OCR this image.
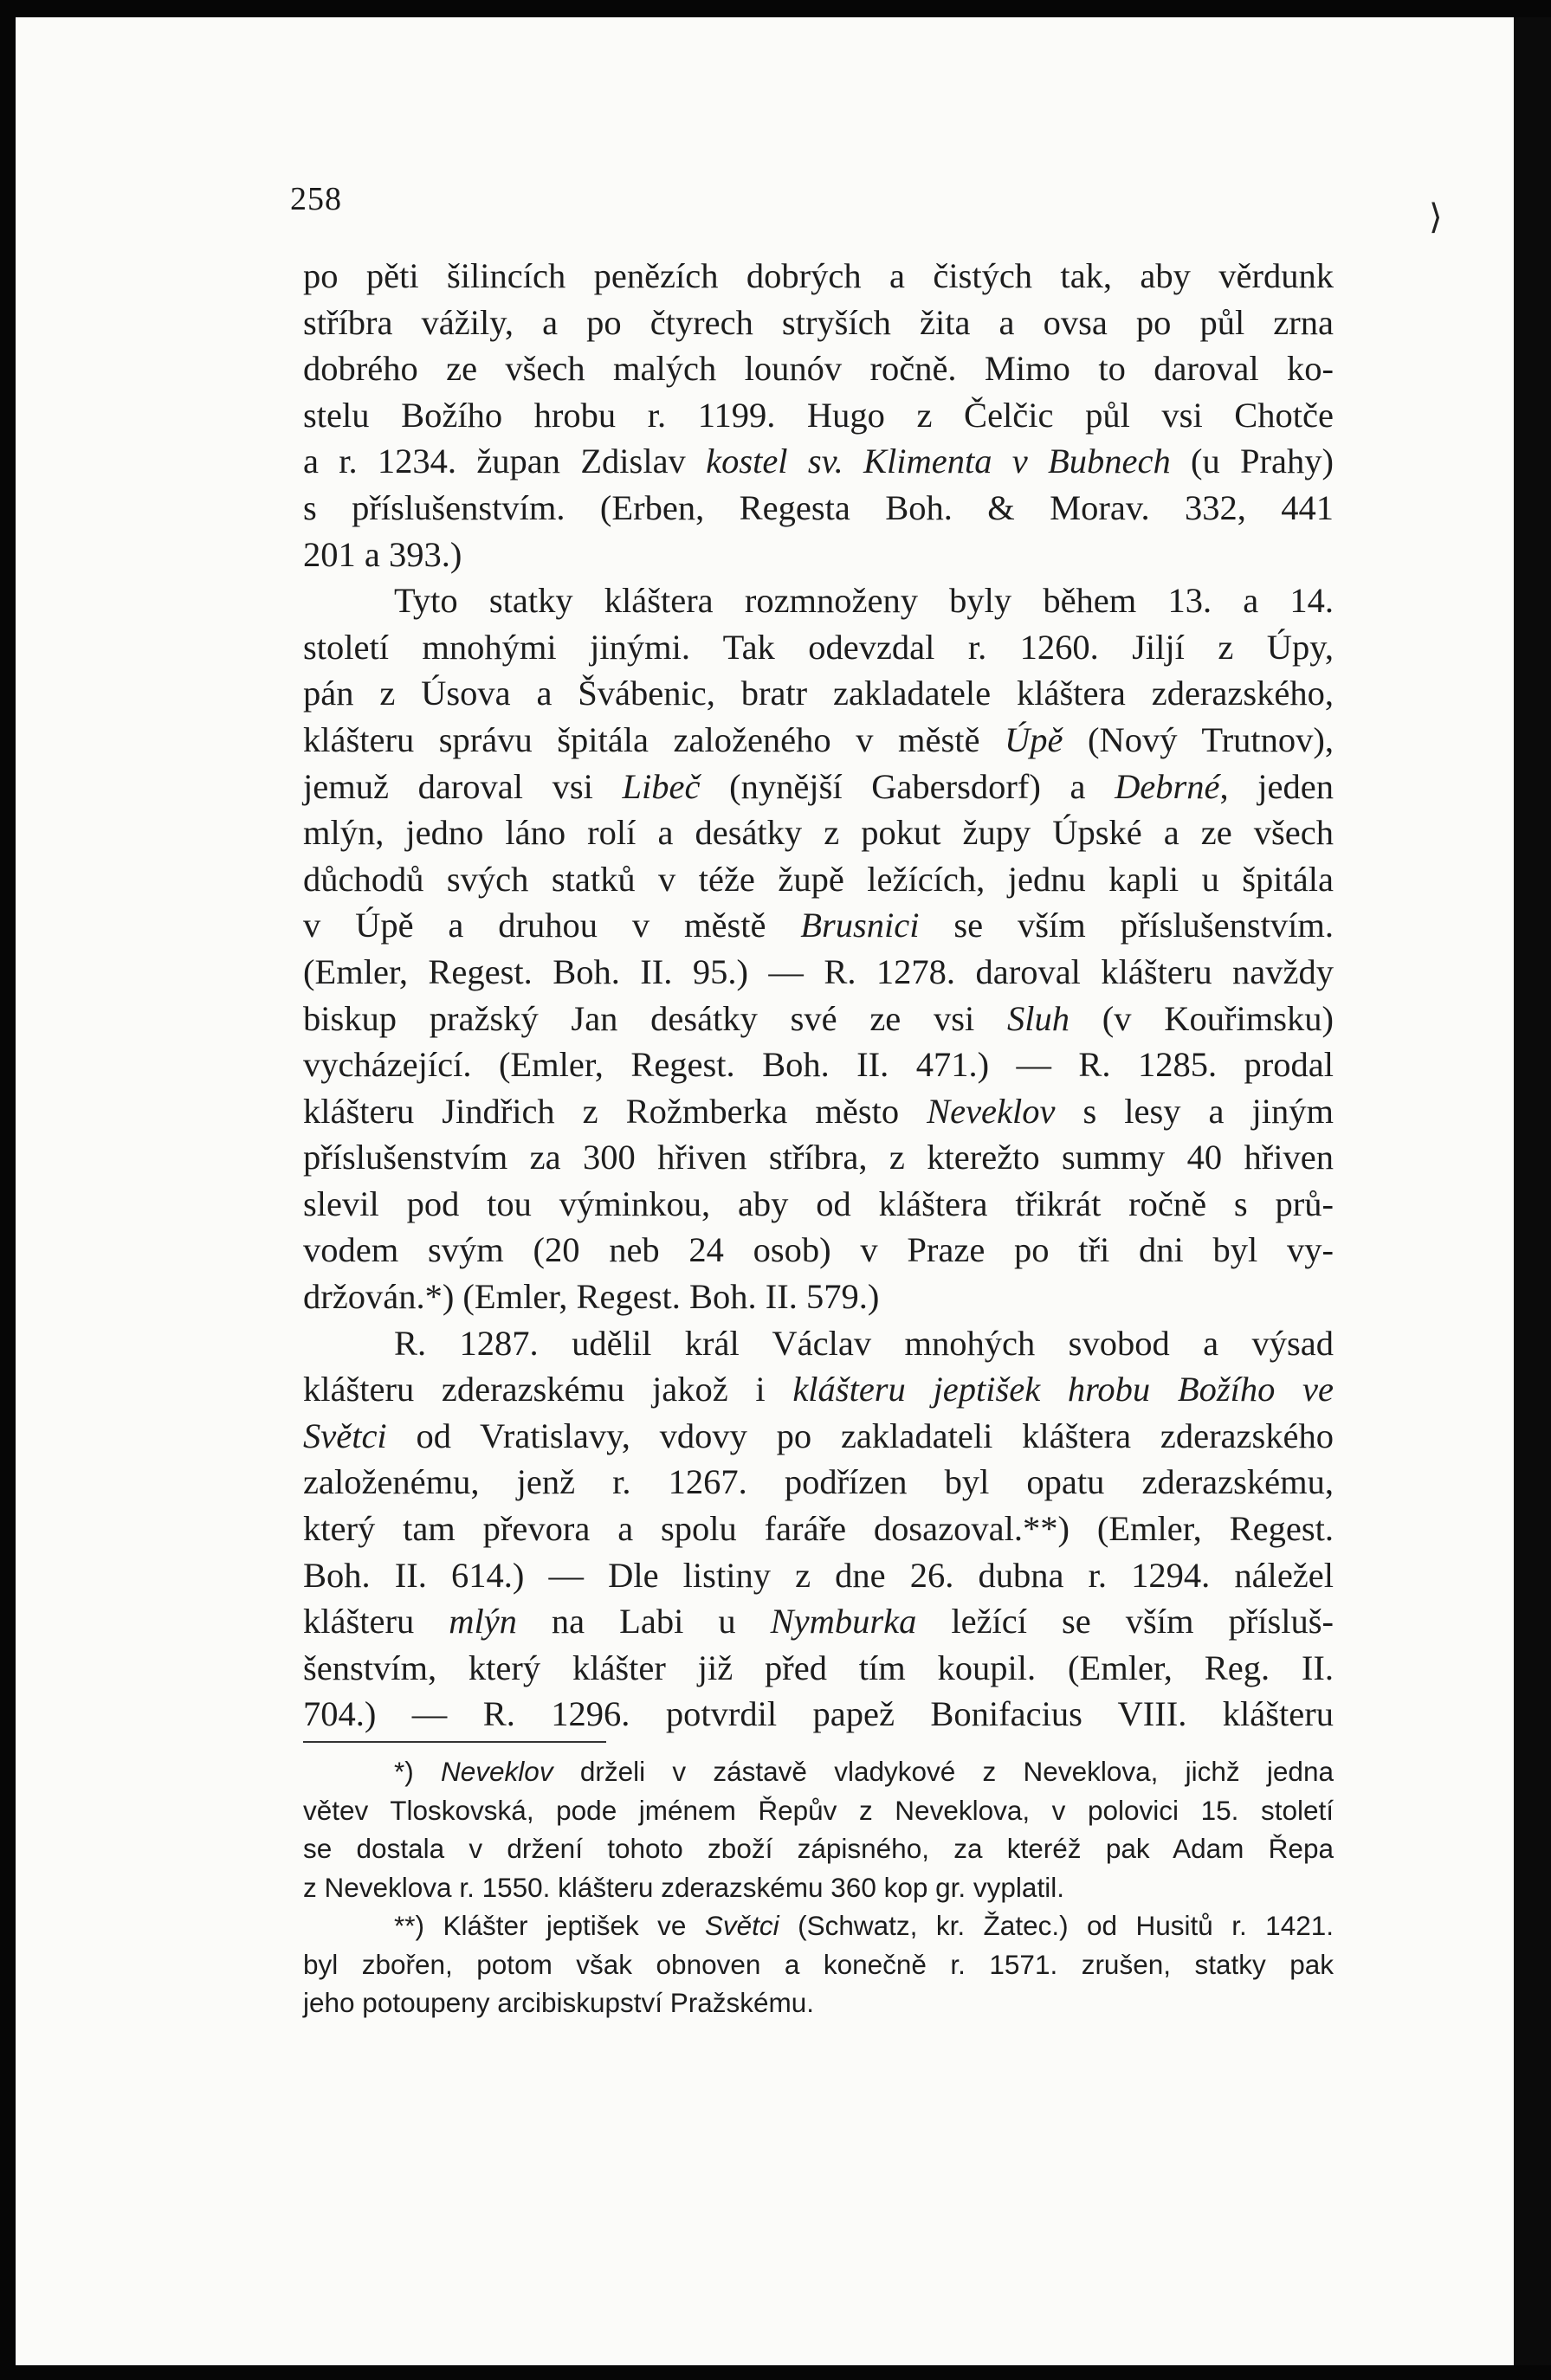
258
po pěti šilincích penězích dobrých a čistých tak, aby věrdunk
stříbra vážily, a po čtyrech stryších žita a ovsa po půl zrna
dobrého ze všech malých lounóv ročně. Mimo to daroval ko-
stelu Božího hrobu r. 1199. Hugo z Čelčic půl vsi Chotče
a r. 1234. župan Zdislav kostel sv. Klimenta v Bubnech (u Prahy)
s příslušenstvím. (Erben, Regesta Boh. & Morav. 332, 441
201 a 393.)
Tyto statky kláštera rozmnoženy byly během 13. a 14.
století mnohými jinými. Tak odevzdal r. 1260. Jiljí z Úpy,
pán z Úsova a Švábenic, bratr zakladatele kláštera zderazského,
klášteru správu špitála založeného v městě Úpě (Nový Trutnov),
jemuž daroval vsi Libeč (nynější Gabersdorf) a Debrné, jeden
mlýn, jedno láno rolí a desátky z pokut župy Úpské a ze všech
důchodů svých statků v téže župě ležících, jednu kapli u špitála
v Úpě a druhou v městě Brusnici se vším příslušenstvím.
(Emler, Regest. Boh. II. 95.) — R. 1278. daroval klášteru navždy
biskup pražský Jan desátky své ze vsi Sluh (v Kouřimsku)
vycházející. (Emler, Regest. Boh. II. 471.) — R. 1285. prodal
klášteru Jindřich z Rožmberka město Neveklov s lesy a jiným
příslušenstvím za 300 hřiven stříbra, z kterežto summy 40 hřiven
slevil pod tou výminkou, aby od kláštera třikrát ročně s prů-
vodem svým (20 neb 24 osob) v Praze po tři dni byl vy-
držován.*) (Emler, Regest. Boh. II. 579.)
R. 1287. udělil král Václav mnohých svobod a výsad
klášteru zderazskému jakož i klášteru jeptišek hrobu Božího ve
Světci od Vratislavy, vdovy po zakladateli kláštera zderazského
založenému, jenž r. 1267. podřízen byl opatu zderazskému,
který tam převora a spolu faráře dosazoval.**) (Emler, Regest.
Boh. II. 614.) — Dle listiny z dne 26. dubna r. 1294. náležel
klášteru mlýn na Labi u Nymburka ležící se vším přísluš-
šenstvím, který klášter již před tím koupil. (Emler, Reg. II.
704.) — R. 1296. potvrdil papež Bonifacius VIII. klášteru
*) Neveklov drželi v zástavě vladykové z Neveklova, jichž jedna
větev Tloskovská, pode jménem Řepův z Neveklova, v polovici 15. století
se dostala v držení tohoto zboží zápisného, za kteréž pak Adam Řepa
z Neveklova r. 1550. klášteru zderazskému 360 kop gr. vyplatil.
**) Klášter jeptišek ve Světci (Schwatz, kr. Žatec.) od Husitů r. 1421.
byl zbořen, potom však obnoven a konečně r. 1571. zrušen, statky pak
jeho potoupeny arcibiskupství Pražskému.
⟩
